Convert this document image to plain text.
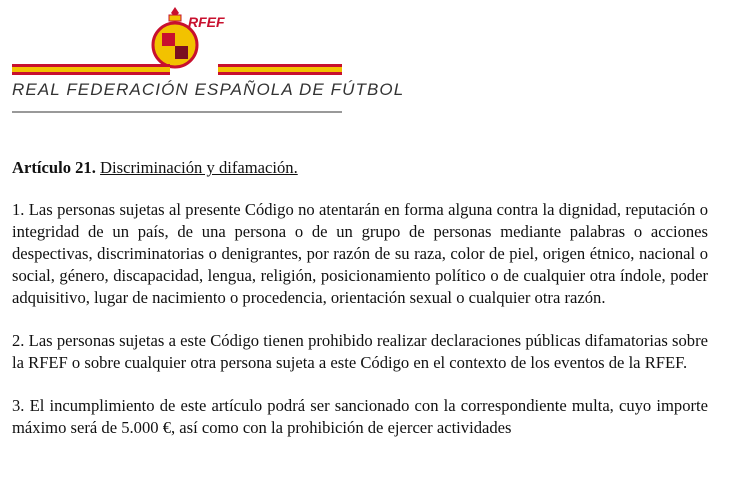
RFEF
REAL FEDERACIÓN ESPAÑOLA DE FÚTBOL

Artículo 21. Discriminación y difamación.

1. Las personas sujetas al presente Código no atentarán en forma alguna contra la dignidad, reputación o integridad de un país, de una persona o de un grupo de personas mediante palabras o acciones despectivas, discriminatorias o denigrantes, por razón de su raza, color de piel, origen étnico, nacional o social, género, discapacidad, lengua, religión, posicionamiento político o de cualquier otra índole, poder adquisitivo, lugar de nacimiento o procedencia, orientación sexual o cualquier otra razón.

2. Las personas sujetas a este Código tienen prohibido realizar declaraciones públicas difamatorias sobre la RFEF o sobre cualquier otra persona sujeta a este Código en el contexto de los eventos de la RFEF.

3. El incumplimiento de este artículo podrá ser sancionado con la correspondiente multa, cuyo importe máximo será de 5.000 €, así como con la prohibición de ejercer actividades
